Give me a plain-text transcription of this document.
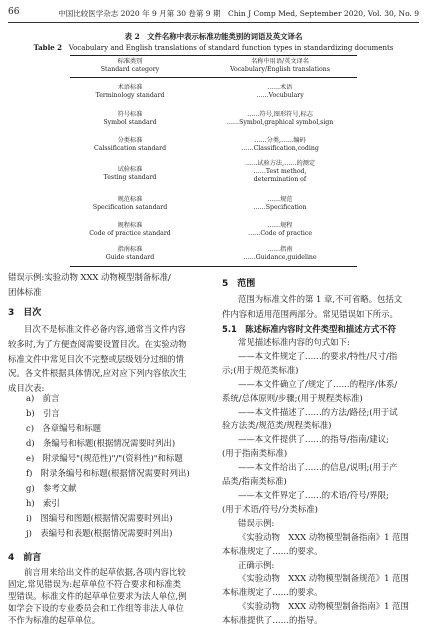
66	中国比较医学杂志 2020 年 9 月第 30 卷第 9 期　Chin J Comp Med, September 2020, Vol. 30, No. 9
表 2　文件名称中表示标准功能类别的词语及英文译名
Table 2 Vocabulary and English translations of standard function types in standardizing documents
标准类别
Standard category
名称中用语/英文译名
Vocabulary/English translations
术语标准
Terminology standard
……术语
……Vocubulary
符号标准
Symbol standard
……符号,图形符号,标志
……Symbol,graphical symbol,sign
分类标准
Calssification standard
……分类,……编码
……Classification,coding
试验标准
Testing standard
……试验方法,……的测定
……Test method,
determination of
规范标准
Specification satandard
……规范
……Specification
规程标准
Code of practice standard
……规程
……Code of practice
指南标准
Guide standard
……指南
……Guidance,guideline
错误示例:实验动物 XXX 动物模型制备标准/
团体标准
3　目次
目次不是标准文件必备内容,通常当文件内容
较多时,为了方便查阅需要设置目次。在实验动物
标准文件中常见目次不完整或层级划分过细的情
况。各文件根据具体情况,应对应下列内容依次生
成目次表:
a)　前言
b)　引言
c)　各章编号和标题
d)　条编号和标题(根据情况需要时列出)
e)　附录编号"(规范性)"/"(资料性)"和标题
f)　附录条编号和标题(根据情况需要时列出)
g)　参考文献
h)　索引
i)　图编号和图题(根据情况需要时列出)
j)　表编号和表题(根据情况需要时列出)
4　前言
前言用来给出文件的起草依据,各项内容比较
固定,常见错误为:起草单位不符合要求和标准类
型错误。标准文件的起草单位要求为法人单位,例
如学会下设的专业委员会和工作组等非法人单位
不作为标准的起草单位。
5　范围
范围为标准文件的第 1 章,不可省略。包括文
件内容和适用范围两部分。常见错误如下所示。
5.1　陈述标准内容时文件类型和描述方式不符
常见描述标准内容的句式如下:
——本文件规定了……的要求/特性/尺寸/指
示;(用于规范类标准)
——本文件确立了/规定了……的程序/体系/
系统/总体原则/步骤;(用于规程类标准)
——本文件描述了……的方法/路径;(用于试
验方法类/规范类/规程类标准)
——本文件提供了……的指导/指南/建议;
(用于指南类标准)
——本文件给出了……的信息/说明;(用于产
品类/指南类标准)
——本文件界定了……的术语/符号/界限;
(用于术语/符号/分类标准)
错误示例:
《实验动物　XXX 动物模型制备指南》1 范围
本标准规定了……的要求。
正确示例:
《实验动物　XXX 动物模型制备规范》1 范围
本标准规定了……的要求。
《实验动物　XXX 动物模型制备指南》1 范围
本标准提供了……的指导。
